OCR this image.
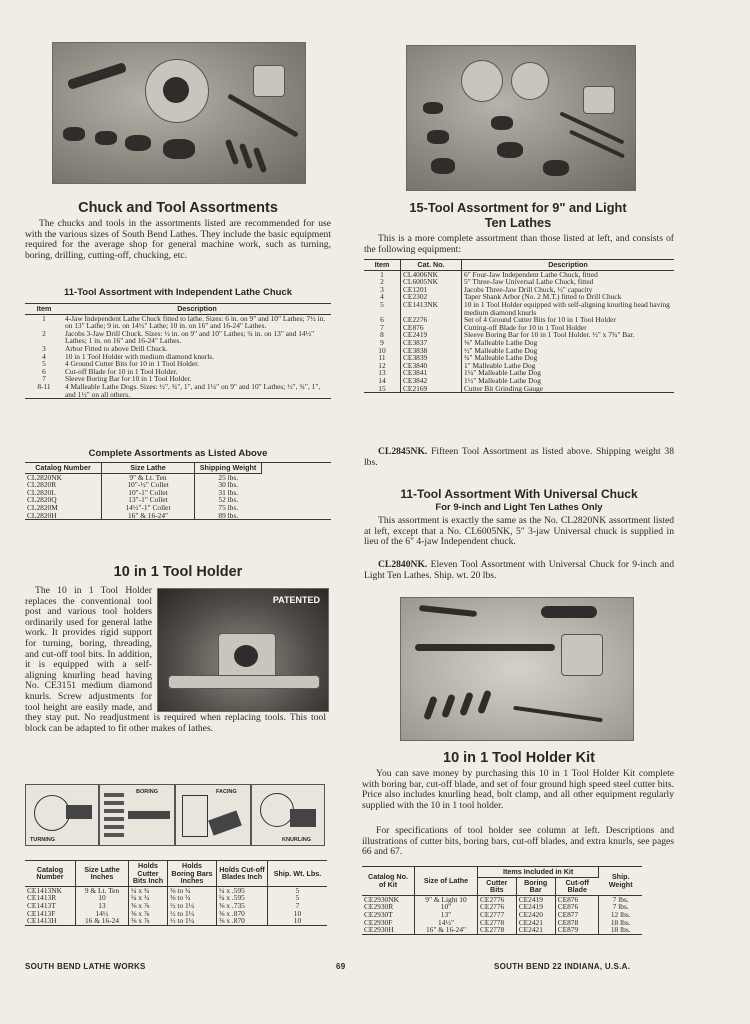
Chuck and Tool Assortments

The chucks and tools in the assortments listed are recommended for use with the various sizes of South Bend Lathes. They include the basic equipment required for the average shop for general machine work, such as turning, boring, drilling, cutting-off, chucking, etc.

11-Tool Assortment with Independent Lathe Chuck

Item	Description
1	4-Jaw Independent Lathe Chuck fitted to lathe. Sizes: 6 in. on 9" and 10" Lathes; 7½ in. on 13" Lathe; 9 in. on 14½" Lathe; 10 in. on 16" and 16-24" Lathes.
2	Jacobs 3-Jaw Drill Chuck. Sizes: ½ in. on 9" and 10" Lathes; ¾ in. on 13" and 14½" Lathes; 1 in. on 16" and 16-24" Lathes.
3	Arbor Fitted to above Drill Chuck.
4	10 in 1 Tool Holder with medium diamond knurls.
5	4 Ground Cutter Bits for 10 in 1 Tool Holder.
6	Cut-off Blade for 10 in 1 Tool Holder.
7	Sleeve Boring Bar for 10 in 1 Tool Holder.
8-11	4 Malleable Lathe Dogs. Sizes: ½", ¾", 1", and 1¼" on 9" and 10" Lathes; ½", ¾", 1", and 1½" on all others.

Complete Assortments as Listed Above

Catalog Number	Size Lathe	Shipping Weight	
CL2820NK	9" & Lt. Ten	25 lbs.	
CL2820R	10"-½" Collet	30 lbs.	
CL2820L	10"-1" Collet	31 lbs.	
CL2820Q	13"-1" Collet	52 lbs.	
CL2820M	14½"-1" Collet	75 lbs.	
CL2820H	16" & 16-24"	89 lbs.	
10 in 1 Tool Holder
PATENTED

The 10 in 1 Tool Holder replaces the conventional tool post and various tool holders ordinarily used for general lathe work. It provides rigid support for turning, boring, threading, and cut-off tool bits. In addition, it is equipped with a self-aligning knurling head having No. CE3151 medium diamond knurls. Screw adjustments for tool height are easily made, and they stay put. No readjustment is required when replacing tools. This tool block can be adapted to fit other makes of lathes.

TURNING
BORING	FACING
KNURLING
Catalog Number	Size Lathe Inches	Holds Cutter Bits Inch	Holds Boring Bars Inches	Holds Cut-off Blades Inch	Ship. Wt. Lbs.
CE1413NK	9 & Lt. Ten	¼ x ¾	⅜ to ¾	¼ x .595	5
CE1413R	10	¼ x ¾	⅜ to ¾	¼ x .595	5
CE1413T	13	⅜ x ⅞	½ to 1¼	⅜ x .735	7
CE1413F	14½	⅜ x ⅞	½ to 1¼	⅜ x .870	10
CE1413H	16 & 16-24	⅜ x ⅞	½ to 1¼	⅜ x .870	10
15-Tool Assortment for 9" and Light Ten Lathes

This is a more complete assortment than those listed at left, and consists of the following equipment:

Item	Cat. No.	Description
1	CL4006NK	6" Four-Jaw Independent Lathe Chuck, fitted
2	CL6005NK	5" Three-Jaw Universal Lathe Chuck, fitted
3	CE1201	Jacobs Three-Jaw Drill Chuck, ½" capacity
4	CE2302	Taper Shank Arbor (No. 2 M.T.) fitted to Drill Chuck
5	CE1413NK	10 in 1 Tool Holder equipped with self-aligning knurling head having medium diamond knurls
6	CE2276	Set of 4 Ground Cutter Bits for 10 in 1 Tool Holder
7	CE876	Cutting-off Blade for 10 in 1 Tool Holder
8	CE2419	Sleeve Boring Bar for 10 in 1 Tool Holder. ½" x 7¾" Bar.
9	CE3837	⅜" Malleable Lathe Dog
10	CE3838	½" Malleable Lathe Dog
11	CE3839	¾" Malleable Lathe Dog
12	CE3840	1" Malleable Lathe Dog
13	CE3841	1¼" Malleable Lathe Dog
14	CE3842	1½" Malleable Lathe Dog
15	CE2169	Cutter Bit Grinding Gauge

CL2845NK. Fifteen Tool Assortment as listed above. Shipping weight 38 lbs.

11-Tool Assortment With Universal Chuck

For 9-inch and Light Ten Lathes Only

This assortment is exactly the same as the No. CL2820NK assortment listed at left, except that a No. CL6005NK, 5" 3-jaw Universal chuck is supplied in lieu of the 6" 4-jaw Independent chuck.

CL2840NK. Eleven Tool Assortment with Universal Chuck for 9-inch and Light Ten Lathes. Ship. wt. 20 lbs.

10 in 1 Tool Holder Kit

You can save money by purchasing this 10 in 1 Tool Holder Kit complete with boring bar, cut-off blade, and set of four ground high speed steel cutter bits. Price also includes knurling head, bolt clamp, and all other equipment regularly supplied with the 10 in 1 tool holder.

For specifications of tool holder see column at left. Descriptions and illustrations of cutter bits, boring bars, cut-off blades, and extra knurls, see pages 66 and 67.

Catalog No. of Kit	Size of Lathe	Items Included in Kit			Ship. Weight
		Cutter Bits	Boring Bar	Cut-off Blade	
CE2930NK	9" & Light 10	CE2776	CE2419	CE876	7 lbs.
CE2930R	10"	CE2776	CE2419	CE876	7 lbs.
CE2930T	13"	CE2777	CE2420	CE877	12 lbs.
CE2930F	14½"	CE2778	CE2421	CE878	18 lbs.
CE2930H	16" & 16-24"	CE2778	CE2421	CE879	18 lbs.
SOUTH BEND LATHE WORKS	69	SOUTH BEND 22 INDIANA, U.S.A.
